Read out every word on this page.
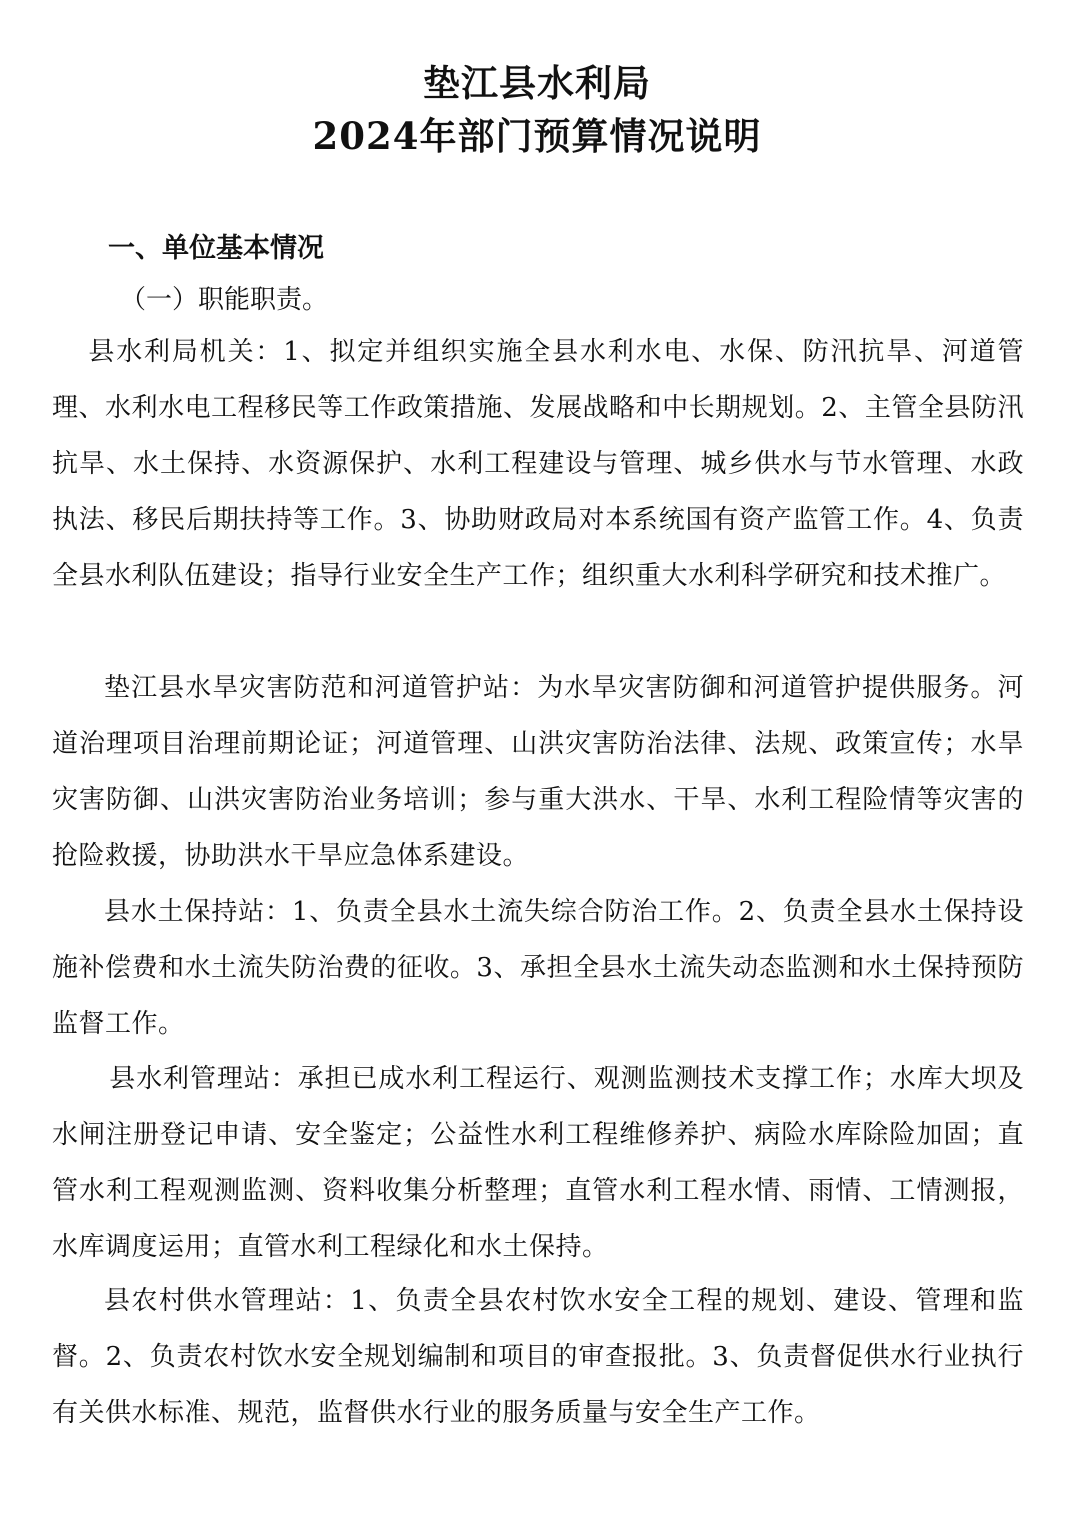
垫江县水利局
2024年部门预算情况说明
一、单位基本情况
（一）职能职责。

县水利局机关：1、拟定并组织实施全县水利水电、水保、防汛抗旱、河道管理、水利水电工程移民等工作政策措施、发展战略和中长期规划。2、主管全县防汛抗旱、水土保持、水资源保护、水利工程建设与管理、城乡供水与节水管理、水政执法、移民后期扶持等工作。3、协助财政局对本系统国有资产监管工作。4、负责全县水利队伍建设；指导行业安全生产工作；组织重大水利科学研究和技术推广。

垫江县水旱灾害防范和河道管护站：为水旱灾害防御和河道管护提供服务。河道治理项目治理前期论证；河道管理、山洪灾害防治法律、法规、政策宣传；水旱灾害防御、山洪灾害防治业务培训；参与重大洪水、干旱、水利工程险情等灾害的抢险救援，协助洪水干旱应急体系建设。

县水土保持站：1、负责全县水土流失综合防治工作。2、负责全县水土保持设施补偿费和水土流失防治费的征收。3、承担全县水土流失动态监测和水土保持预防监督工作。

县水利管理站：承担已成水利工程运行、观测监测技术支撑工作；水库大坝及水闸注册登记申请、安全鉴定；公益性水利工程维修养护、病险水库除险加固；直管水利工程观测监测、资料收集分析整理；直管水利工程水情、雨情、工情测报，水库调度运用；直管水利工程绿化和水土保持。

县农村供水管理站：1、负责全县农村饮水安全工程的规划、建设、管理和监督。2、负责农村饮水安全规划编制和项目的审查报批。3、负责督促供水行业执行有关供水标准、规范，监督供水行业的服务质量与安全生产工作。
